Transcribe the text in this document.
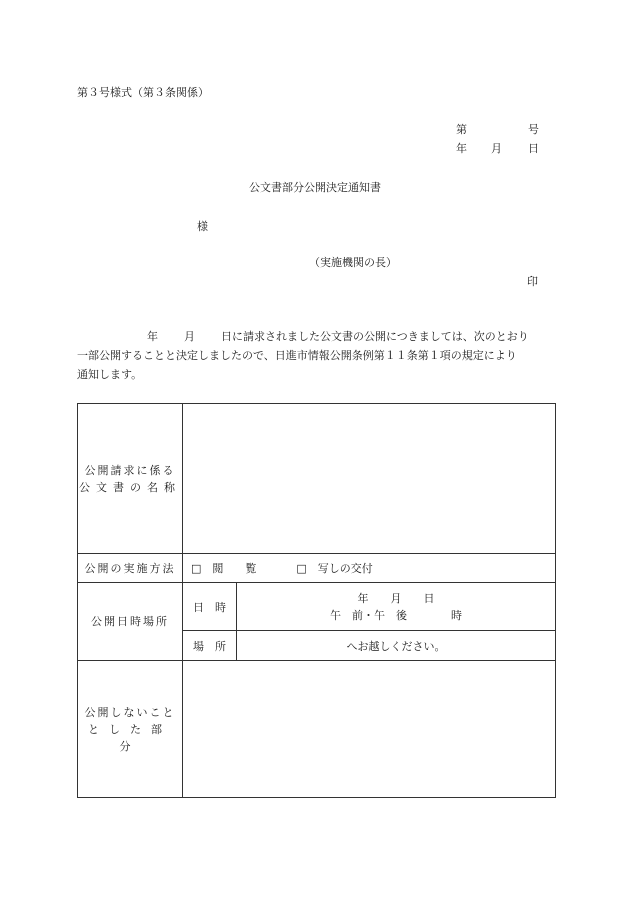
第３号様式（第３条関係）
第	号
年 月 日
公文書部分公開決定通知書
様
（実施機関の長）
印
年 月 日に請求されました公文書の公開につきましては、次のとおり
一部公開することと決定しましたので、日進市情報公開条例第１１条第１項の規定により
通知します。
公開請求に係る
公文書の名称		

公開の実施方法	□　閲　　覧 □　写しの交付	

公開日時場所	日　時	年　　月　　日
午　前・午　後　　　　時

	場　所	へお越しください。

公開しないこと
とした部分		
